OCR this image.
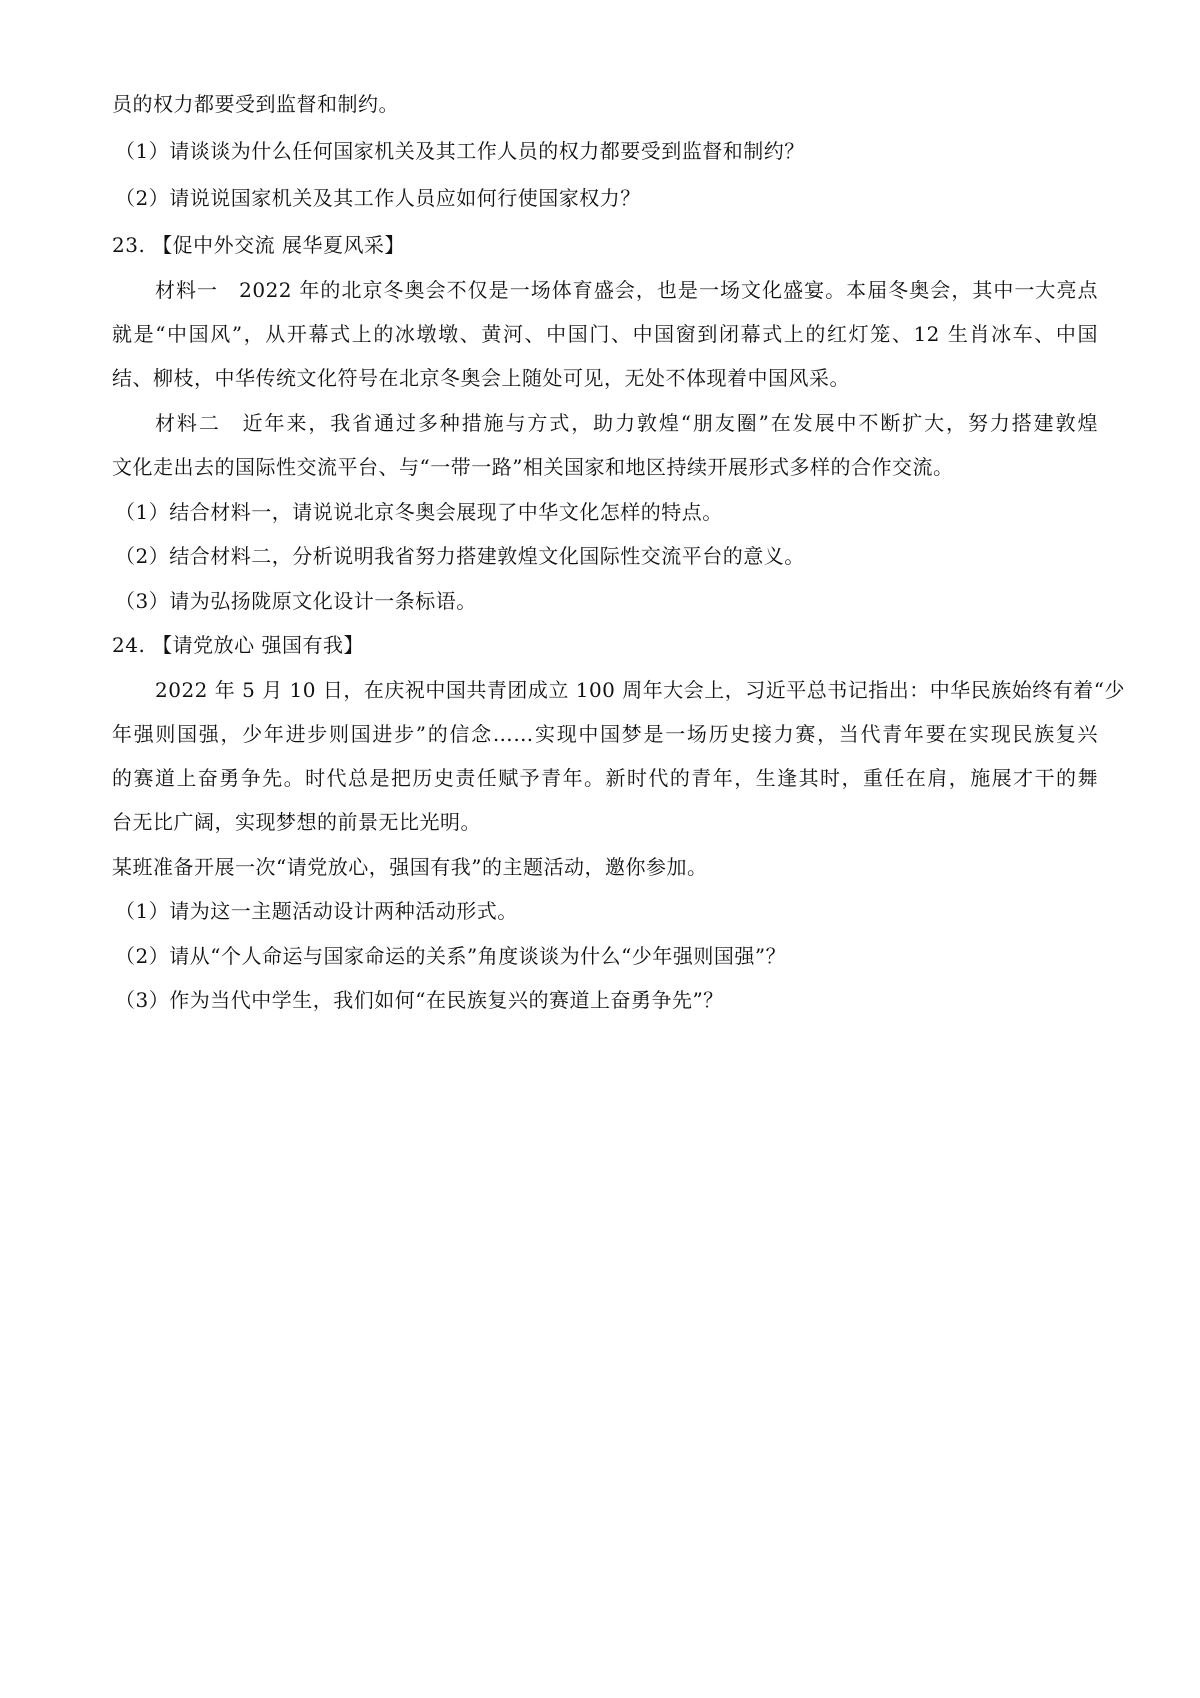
员的权力都要受到监督和制约。
（1）请谈谈为什么任何国家机关及其工作人员的权力都要受到监督和制约？
（2）请说说国家机关及其工作人员应如何行使国家权力？
23. 【促中外交流 展华夏风采】
材料一　2022 年的北京冬奥会不仅是一场体育盛会，也是一场文化盛宴。本届冬奥会，其中一大亮点
就是“中国风”，从开幕式上的冰墩墩、黄河、中国门、中国窗到闭幕式上的红灯笼、12 生肖冰车、中国
结、柳枝，中华传统文化符号在北京冬奥会上随处可见，无处不体现着中国风采。
材料二　近年来，我省通过多种措施与方式，助力敦煌“朋友圈”在发展中不断扩大，努力搭建敦煌
文化走出去的国际性交流平台、与“一带一路”相关国家和地区持续开展形式多样的合作交流。
（1）结合材料一，请说说北京冬奥会展现了中华文化怎样的特点。
（2）结合材料二，分析说明我省努力搭建敦煌文化国际性交流平台的意义。
（3）请为弘扬陇原文化设计一条标语。
24. 【请党放心 强国有我】
2022 年 5 月 10 日，在庆祝中国共青团成立 100 周年大会上，习近平总书记指出：中华民族始终有着“少
年强则国强，少年进步则国进步”的信念……实现中国梦是一场历史接力赛，当代青年要在实现民族复兴
的赛道上奋勇争先。时代总是把历史责任赋予青年。新时代的青年，生逢其时，重任在肩，施展才干的舞
台无比广阔，实现梦想的前景无比光明。
某班准备开展一次“请党放心，强国有我”的主题活动，邀你参加。
（1）请为这一主题活动设计两种活动形式。
（2）请从“个人命运与国家命运的关系”角度谈谈为什么“少年强则国强”？
（3）作为当代中学生，我们如何“在民族复兴的赛道上奋勇争先”？
